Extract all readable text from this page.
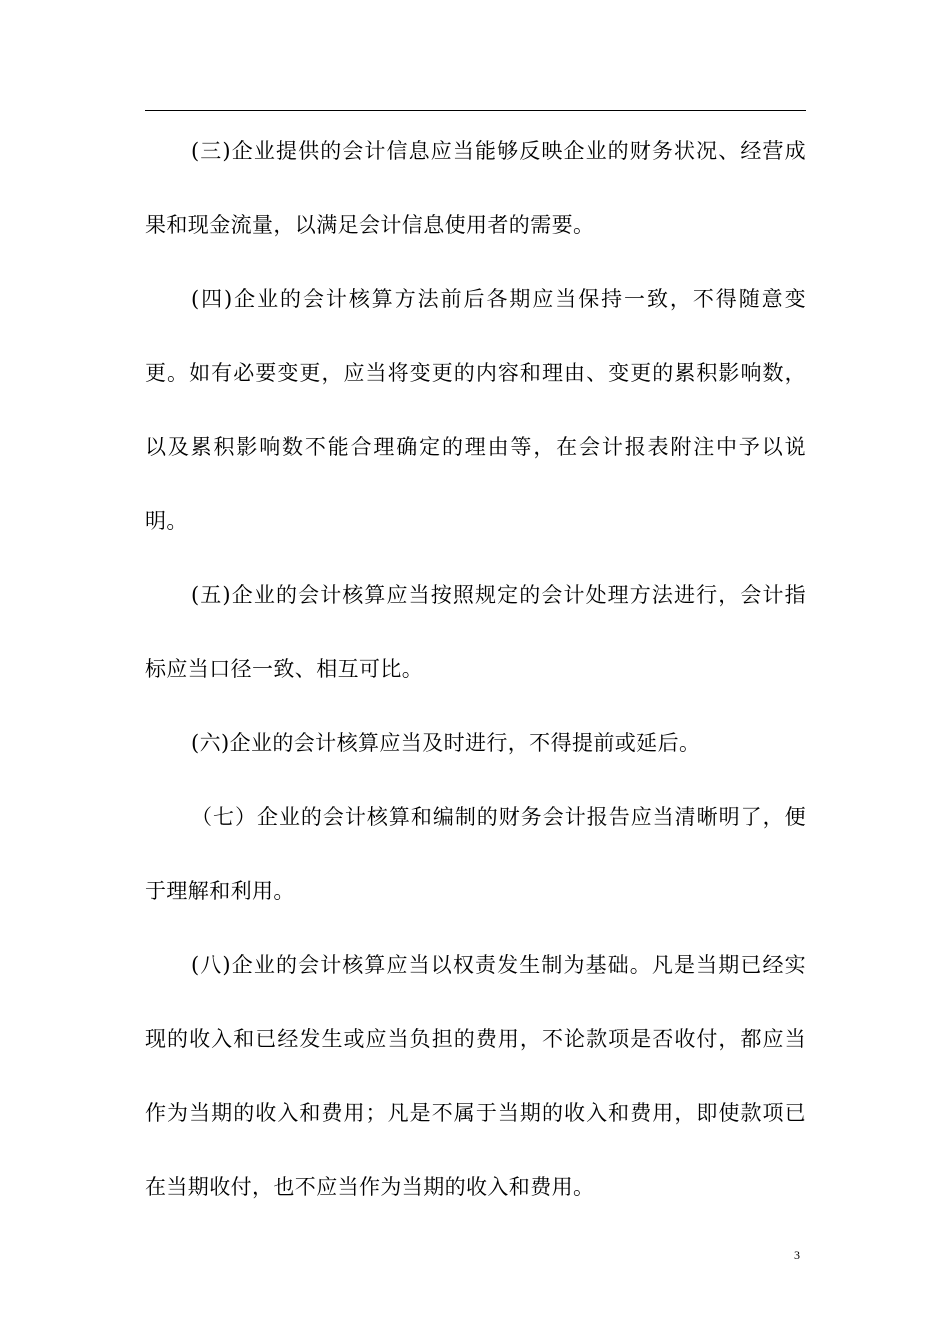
(三)企业提供的会计信息应当能够反映企业的财务状况、经营成果和现金流量，以满足会计信息使用者的需要。

(四)企业的会计核算方法前后各期应当保持一致，不得随意变更。如有必要变更，应当将变更的内容和理由、变更的累积影响数，以及累积影响数不能合理确定的理由等，在会计报表附注中予以说明。

(五)企业的会计核算应当按照规定的会计处理方法进行，会计指标应当口径一致、相互可比。

(六)企业的会计核算应当及时进行，不得提前或延后。

（七）企业的会计核算和编制的财务会计报告应当清晰明了，便于理解和利用。

(八)企业的会计核算应当以权责发生制为基础。凡是当期已经实现的收入和已经发生或应当负担的费用，不论款项是否收付，都应当作为当期的收入和费用；凡是不属于当期的收入和费用，即使款项已在当期收付，也不应当作为当期的收入和费用。

3
